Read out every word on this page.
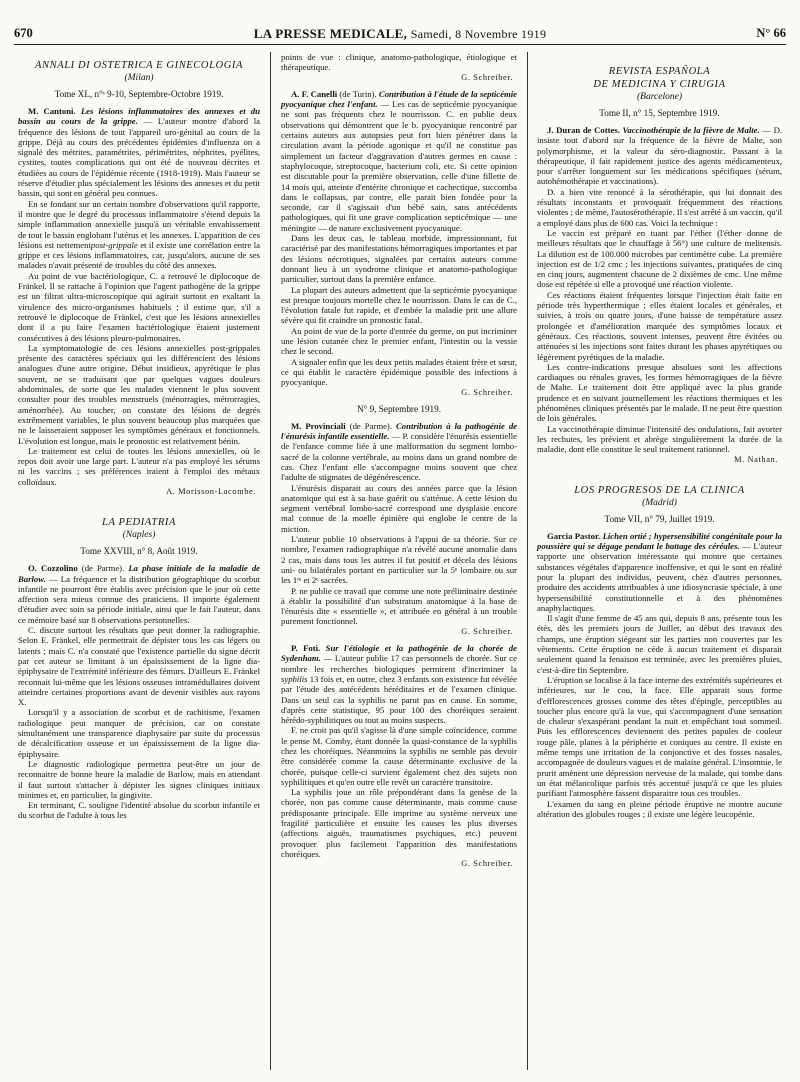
670	LA PRESSE MEDICALE, Samedi, 8 Novembre 1919	N° 66
ANNALI DI OSTETRICA E GINECOLOGIA
(Milan)
Tome XL, n°ˢ 9-10, Septembre-Octobre 1919.

M. Cantoni. Les lésions inflammatoires des annexes et du bassin au cours de la grippe. — L'auteur montre d'abord la fréquence des lésions de tout l'appareil uro-génital au cours de la grippe. Déjà au cours des précédentes épidémies d'influenza on a signalé des métrites, paramétrites, périmétrites, néphrites, pyélites, cystites, toutes complications qui ont été de nouveau décrites et étudiées au cours de l'épidémie récente (1918-1919). Mais l'auteur se réserve d'étudier plus spécialement les lésions des annexes et du petit bassin, qui sont en général peu connues.

En se fondant sur un certain nombre d'observations qu'il rapporte, il montre que le degré du processus inflammatoire s'étend depuis la simple inflammation annexielle jusqu'à un véritable envahissement de tout le bassin englobant l'utérus et les annexes. L'apparition de ces lésions est nettementpost-grippale et il existe une corrélation entre la grippe et ces lésions inflammatoires, car, jusqu'alors, aucune de ses malades n'avait présenté de troubles du côté des annexes.

Au point de vue bactériologique, C. a retrouvé le diplocoque de Fränkel. Il se rattache à l'opinion que l'agent pathogène de la grippe est un filtrat ultra-microscopique qui agirait surtout en exaltant la virulence des micro-organismes habituels ; il estime que, s'il a retrouvé le diplocoque de Fränkel, c'est que les lésions annexielles dont il a pu faire l'examen bactériologique étaient justement consécutives à des lésions pleuro-pulmonaires.

La symptomatologie de ces lésions annexielles post-grippales présente des caractères spéciaux qui les différencient des lésions analogues d'une autre origine. Début insidieux, apyrétique le plus souvent, ne se traduisant que par quelques vagues douleurs abdominales, de sorte que les malades viennent le plus souvent consulter pour des troubles menstruels (ménorragies, métrorragies, aménorrhée). Au toucher, on constate des lésions de degrés extrêmement variables, le plus souvent beaucoup plus marquées que ne le laisseraient supposer les symptômes généraux et fonctionnels. L'évolution est longue, mais le pronostic est relativement bénin.

Le traitement est celui de toutes les lésions annexielles, où le repos doit avoir une large part. L'auteur n'a pas employé les sérums ni les vaccins ; ses préférences iraient à l'emploi des métaux colloïdaux.

A. Morisson-Lacombe.
LA PEDIATRIA
(Naples)
Tome XXVIII, n° 8, Août 1919.

O. Cozzolino (de Parme). La phase initiale de la maladie de Barlow. — La fréquence et la distribution géographique du scorbut infantile ne pourront être établis avec précision que le jour où cette affection sera mieux connue des praticiens. Il importe également d'étudier avec soin sa période initiale, ainsi que le fait l'auteur, dans ce mémoire basé sur 8 observations personnelles.

C. discute surtout les résultats que peut donner la radiographie. Selon E. Fränkel, elle permettrait de dépister tous les cas légers ou latents ; mais C. n'a constaté que l'existence partielle du signe décrit par cet auteur se limitant à un épaississement de la ligne dia-épiphysaire de l'extrémité inférieure des fémurs. D'ailleurs E. Fränkel reconnait lui-même que les lésions osseuses intramédullaires doivent atteindre certaines proportions avant de devenir visibles aux rayons X.

Lorsqu'il y a association de scorbut et de rachitisme, l'examen radiologique peut manquer de précision, car on constate simultanément une transparence diaphysaire par suite du processus de décalcification osseuse et un épaississement de la ligne dia-épiphysaire.

Le diagnostic radiologique permettra peut-être un jour de reconnaitre de bonne heure la maladie de Barlow, mais en attendant il faut surtout s'attacher à dépister les signes cliniques initiaux minimes et, en particulier, la gingivite.

En terminant, C. souligne l'identité absolue du scorbut infantile et du scorbut de l'adulte à tous les

points de vue : clinique, anatomo-pathologique, étiologique et thérapeutique.

G. Schreiber.

A. F. Canelli (de Turin). Contribution à l'étude de la septicémie pyocyanique chez l'enfant. — Les cas de septicémie pyocyanique ne sont pas fréquents chez le nourrisson. C. en publie deux observations qui démontrent que le b. pyocyanique rencontré par certains auteurs aux autopsies peut fort bien pénétrer dans la circulation avant la période agonique et qu'il ne constitue pas simplement un facteur d'aggravation d'autres germes en cause : staphylocoque, streptocoque, bacterium coli, etc. Si cette opinion est discutable pour la première observation, celle d'une fillette de 14 mois qui, atteinte d'entérite chronique et cachectique, succomba dans le collapsus, par contre, elle parait bien fondée pour la seconde, car il s'agissait d'un bébé sain, sans antécédents pathologiques, qui fit une grave complication septicémique — une méningite — de nature exclusivement pyocyanique.

Dans les deux cas, le tableau morbide, impressionnant, fut caractérisé par des manifestations hémorragiques importantes et par des lésions nécrotiques, signalées par certains auteurs comme donnant lieu à un syndrome clinique et anatomo-pathologique particulier, surtout dans la première enfance.

La plupart des auteurs admettent que la septicémie pyocyanique est presque toujours mortelle chez le nourrisson. Dans le cas de C., l'évolution fatale fut rapide, et d'embée la maladie prit une allure sévère qui fit craindre un pronostic fatal.

Au point de vue de la porte d'entrée du germe, on put incriminer une lésion cutanée chez le premier enfant, l'intestin ou la vessie chez le second.

A signaler enfin que les deux petits malades étaient frère et sœur, ce qui établit le caractère épidémique possible des infections à pyocyanique.

G. Schreiber.
N° 9, Septembre 1919.

M. Provinciali (de Parme). Contribution à la pathogénie de l'énurésis infantile essentielle. — P. considère l'énurésis essentielle de l'enfance comme liée à une malformation du segment lombo-sacré de la colonne vertébrale, au moins dans un grand nombre de cas. Chez l'enfant elle s'accompagne moins souvent que chez l'adulte de stigmates de dégénérescence.

L'énurésis disparait au cours des années parce que la lésion anatomique qui est à sa base guérit ou s'atténue. A cette lésion du segment vertébral lombo-sacré correspond une dysplasie encore mal connue de la moelle épinière qui englobe le centre de la miction.

L'auteur publie 10 observations à l'appui de sa théorie. Sur ce nombre, l'examen radiographique n'a révélé aucune anomalie dans 2 cas, mais dans tous les autres il fut positif et décela des lésions uni- ou bilatérales portant en particulier sur la 5ᵉ lombaire ou sur les 1ʳᵉ et 2ᵉ sacrées.

P. ne publie ce travail que comme une note préliminaire destinée à établir la possibilité d'un substratum anatomique à la base de l'énurésis dite « essentielle », et attribuée en général à un trouble purement fonctionnel.

G. Schreiber.

P. Foti. Sur l'étiologie et la pathogénie de la chorée de Sydenham. — L'auteur publie 17 cas personnels de chorée. Sur ce nombre les recherches biologiques permirent d'incriminer la syphilis 13 fois et, en outre, chez 3 enfants son existence fut révélée par l'étude des antécédents héréditaires et de l'examen clinique. Dans un seul cas la syphilis ne parut pas en cause. En somme, d'après cette statistique, 95 pour 100 des choréiques seraient hérédo-syphilitiques ou tout au moins suspects.

F. ne croit pas qu'il s'agisse là d'une simple coïncidence, comme le pense M. Comby, étant donnée la quasi-constance de la syphilis chez les choréiques. Néanmoins la syphilis ne semble pas devoir être considérée comme la cause déterminante exclusive de la chorée, puisque celle-ci survient également chez des sujets non syphilitiques et qu'en outre elle revêt un caractère transitoire.

La syphilis joue un rôle prépondérant dans la genèse de la chorée, non pas comme cause déterminante, mais comme cause prédisposante principale. Elle imprime au système nerveux une fragilité particulière et ensuite les causes les plus diverses (affections aiguës, traumatismes psychiques, etc.) peuvent provoquer plus facilement l'apparition des manifestations choréiques.

G. Schreiber.
REVISTA ESPAÑOLA
DE MEDICINA Y CIRUGIA
(Barcelone)
Tome II, n° 15, Septembre 1919.

J. Duran de Cottes. Vaccinothérapie de la fièvre de Malte. — D. insiste tout d'abord sur la fréquence de la fièvre de Malte, son polymorphisme, et la valeur du séro-diagnostic. Passant à la thérapeutique, il fait rapidement justice des agents médicamenteux, pour s'arrêter longuement sur les médications spécifiques (sérum, autohémothérapie et vaccinations).

D. a bien vite renoncé à la sérothérapie, qui lui donnait des résultats inconstants et provoquait fréquemment des réactions violentes ; de même, l'autosérothérapie. Il s'est arrêté à un vaccin, qu'il a employé dans plus de 600 cas. Voici la technique :

Le vaccin est préparé en tuant par l'éther (l'éther donne de meilleurs résultats que le chauffage à 56°) une culture de melitensis. La dilution est de 100.000 microbes par centimètre cube. La première injection est de 1/2 cmc ; les injections suivantes, pratiquées de cinq en cinq jours, augmentent chacune de 2 dixièmes de cmc. Une même dose est répétée si elle a provoqué une réaction violente.

Ces réactions étaient fréquentes lorsque l'injection était faite en période très hyperthermique ; elles étaient locales et générales, et suivies, à trois ou quatre jours, d'une baisse de température assez prolongée et d'amélioration marquée des symptômes locaux et généraux. Ces réactions, souvent intenses, peuvent être évitées ou atténuées si les injections sont faites durant les phases apyrétiques ou légèrement pyrétiques de la maladie.

Les contre-indications presque absolues sont les affections cardiaques ou rénales graves, les formes hémorragiques de la fièvre de Malte. Le traitement doit être appliqué avec la plus grande prudence et en suivant journellement les réactions thermiques et les phénomènes cliniques présentés par le malade. Il ne peut être question de lois générales.

La vaccinothérapie diminue l'intensité des ondulations, fait avorter les rechutes, les prévient et abrège singulièrement la durée de la maladie, dont elle constitue le seul traitement rationnel.

M. Nathan.
LOS PROGRESOS DE LA CLINICA
(Madrid)
Tome VII, n° 79, Juillet 1919.

Garcia Pastor. Lichen ortié ; hypersensibilité congénitale pour la poussière qui se dégage pendant le battage des céréales. — L'auteur rapporte une observation intéressante qui montre que certaines substances végétales d'apparence inoffensive, et qui le sont en réalité pour la plupart des individus, peuvent, chez d'autres personnes, produire des accidents attribuables à une idiosyncrasie spéciale, à une hypersensibilité constitutionnelle et à des phénomènes anaphylactiques.

Il s'agit d'une femme de 45 ans qui, depuis 8 ans, présente tous les étés, dès les premiers jours de Juillet, au début des travaux des champs, une éruption siégeant sur les parties non couvertes par les vêtements. Cette éruption ne cède à aucun traitement et disparait seulement quand la fenaison est terminée, avec les premières pluies, c'est-à-dire fin Septembre.

L'éruption se localise à la face interne des extrémités supérieures et inférieures, sur le cou, la face. Elle apparait sous forme d'efflorescences grosses comme des têtes d'épingle, perceptibles au toucher plus encore qu'à la vue, qui s'accompagnent d'une sensation de chaleur s'exaspérant pendant la nuit et empêchant tout sommeil. Puis les efflorescences deviennent des petites papules de couleur rouge pâle, planes à la périphérie et coniques au centre. Il existe en même temps une irritation de la conjonctive et des fosses nasales, accompagnée de douleurs vagues et de malaise général. L'insomnie, le prurit amènent une dépression nerveuse de la malade, qui tombe dans un état mélancolique parfois très accentué jusqu'à ce que les pluies purifiant l'atmosphère fassent disparaitre tous ces troubles.

L'examen du sang en pleine période éruptive ne montre aucune altération des globules rouges ; il existe une légère leucopénie.
